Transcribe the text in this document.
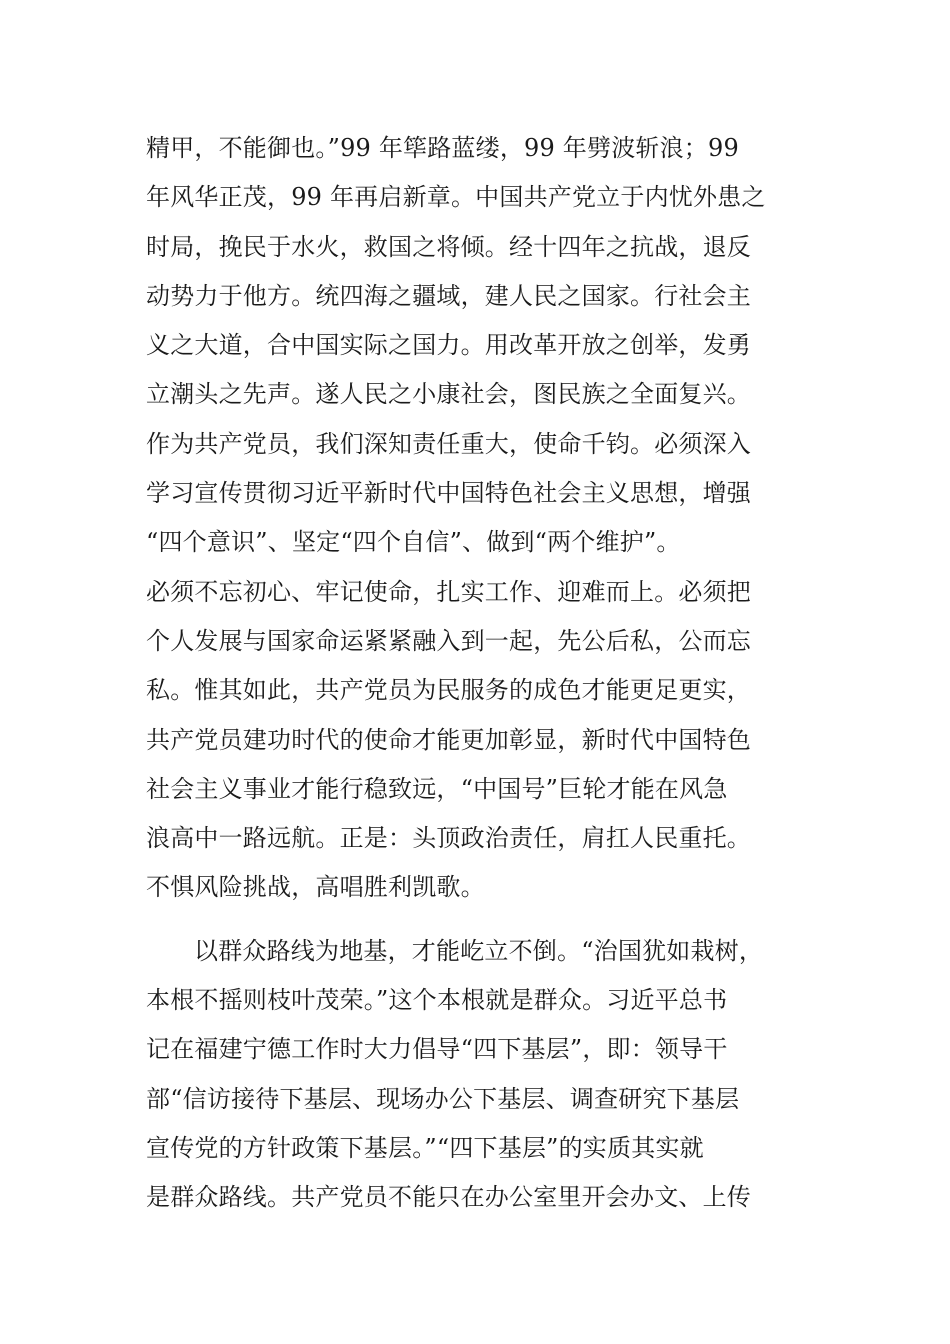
精甲，不能御也。”99 年筚路蓝缕，99 年劈波斩浪；99
年风华正茂，99 年再启新章。中国共产党立于内忧外患之
时局，挽民于水火，救国之将倾。经十四年之抗战，退反
动势力于他方。统四海之疆域，建人民之国家。行社会主
义之大道，合中国实际之国力。用改革开放之创举，发勇
立潮头之先声。遂人民之小康社会，图民族之全面复兴。
作为共产党员，我们深知责任重大，使命千钧。必须深入
学习宣传贯彻习近平新时代中国特色社会主义思想，增强
“四个意识”、坚定“四个自信”、做到“两个维护”。
必须不忘初心、牢记使命，扎实工作、迎难而上。必须把
个人发展与国家命运紧紧融入到一起，先公后私，公而忘
私。惟其如此，共产党员为民服务的成色才能更足更实，
共产党员建功时代的使命才能更加彰显，新时代中国特色
社会主义事业才能行稳致远，“中国号”巨轮才能在风急
浪高中一路远航。正是：头顶政治责任，肩扛人民重托。
不惧风险挑战，高唱胜利凯歌。
以群众路线为地基，才能屹立不倒。“治国犹如栽树，
本根不摇则枝叶茂荣。”这个本根就是群众。习近平总书
记在福建宁德工作时大力倡导“四下基层”，即：领导干
部“信访接待下基层、现场办公下基层、调查研究下基层
宣传党的方针政策下基层。”“四下基层”的实质其实就
是群众路线。共产党员不能只在办公室里开会办文、上传
